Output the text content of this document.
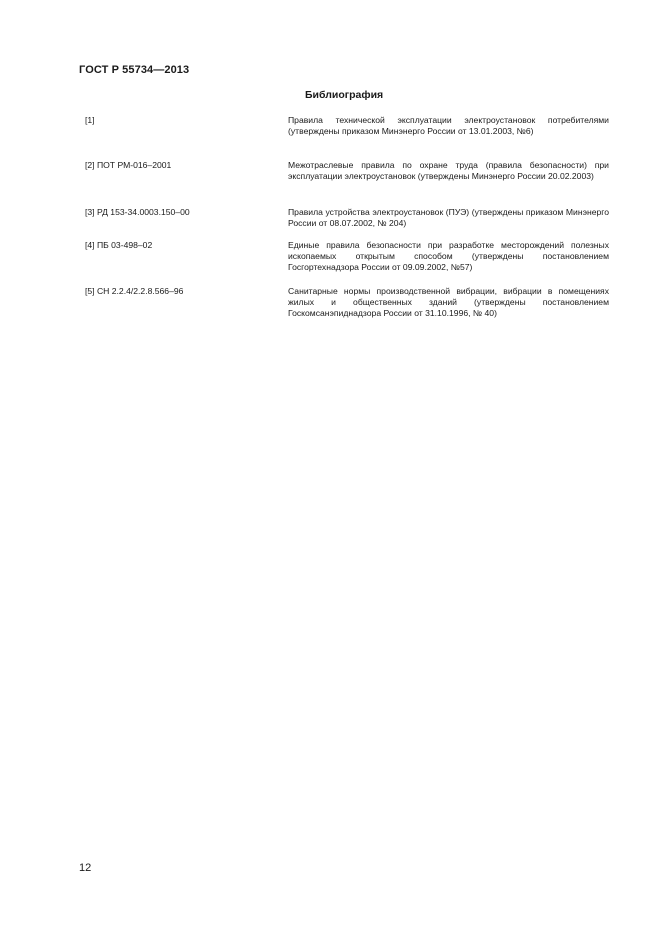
ГОСТ Р 55734—2013
Библиография
[1]	Правила технической эксплуатации электроустановок потребителями (утверждены приказом Минэнерго России от 13.01.2003, №6)
[2] ПОТ РМ-016–2001	Межотраслевые правила по охране труда (правила безопасности) при эксплуатации электроустановок (утверждены Минэнерго России 20.02.2003)
[3] РД 153-34.0003.150–00	Правила устройства электроустановок (ПУЭ) (утверждены приказом Минэнерго России от 08.07.2002, № 204)
[4] ПБ 03-498–02	Единые правила безопасности при разработке месторождений полезных ископаемых открытым способом (утверждены постановлением Госгортехнадзора России от 09.09.2002, №57)
[5] СН 2.2.4/2.2.8.566–96	Санитарные нормы производственной вибрации, вибрации в помещениях жилых и общественных зданий (утверждены постановлением Госкомсанэпиднадзора России от 31.10.1996, № 40)
12
